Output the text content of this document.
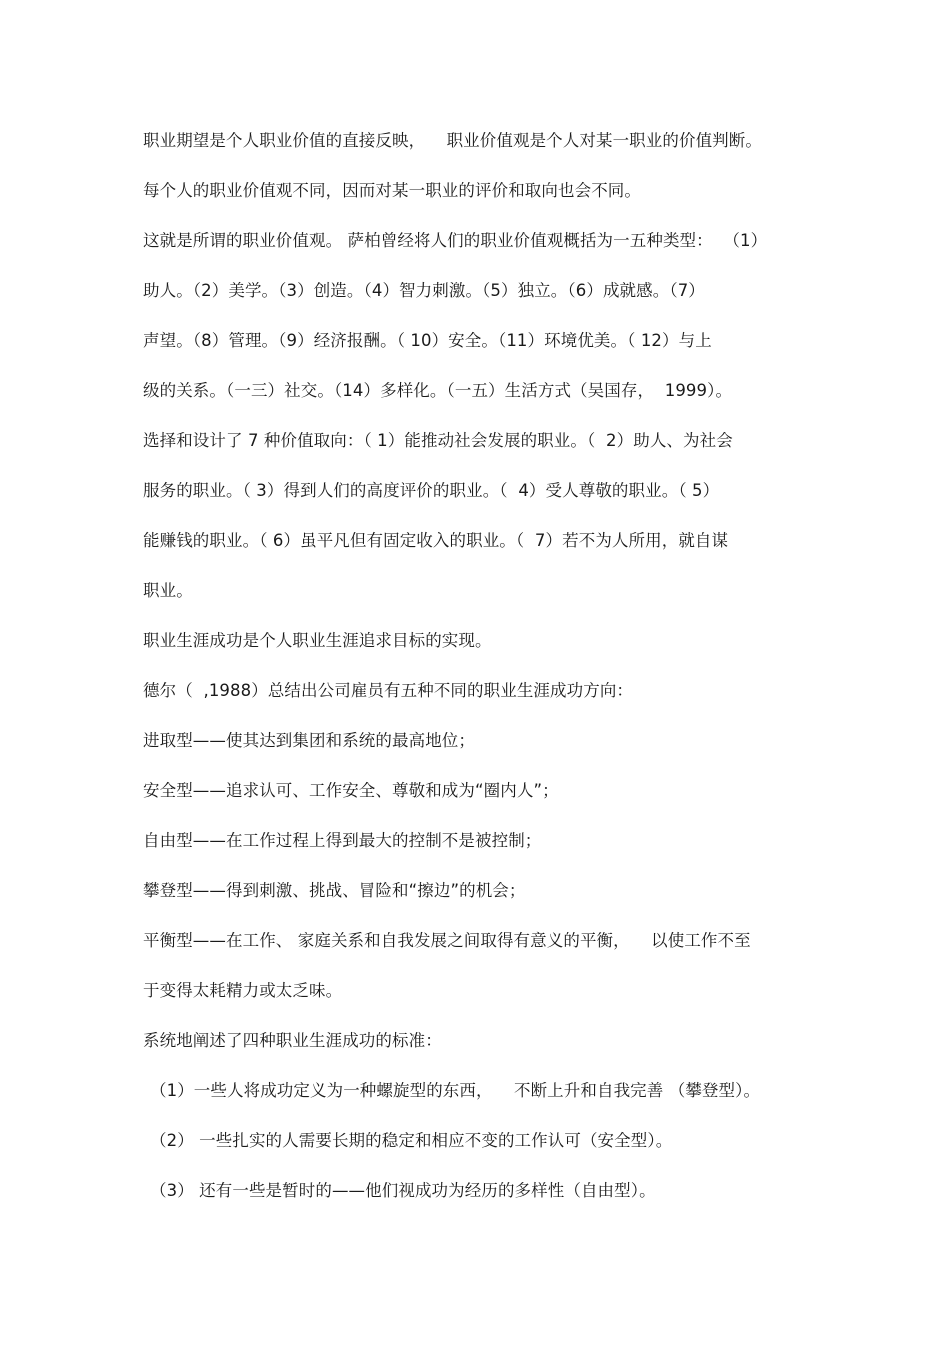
职业期望是个人职业价值的直接反映，    职业价值观是个人对某一职业的价值判断。
每个人的职业价值观不同，因而对某一职业的评价和取向也会不同。
这就是所谓的职业价值观。 萨柏曾经将人们的职业价值观概括为一五种类型：  （1）
助人。（2）美学。（3）创造。（4）智力刺激。（5）独立。（6）成就感。（7）
声望。（8）管理。（9）经济报酬。（ 10）安全。（11）环境优美。（ 12）与上
级的关系。（一三）社交。（14）多样化。（一五）生活方式（吴国存，  1999）。
选择和设计了 7 种价值取向：（ 1）能推动社会发展的职业。（  2）助人、为社会
服务的职业。（ 3）得到人们的高度评价的职业。（  4）受人尊敬的职业。（ 5）
能赚钱的职业。（ 6）虽平凡但有固定收入的职业。（  7）若不为人所用，就自谋
职业。
职业生涯成功是个人职业生涯追求目标的实现。
德尔（  ,1988）总结出公司雇员有五种不同的职业生涯成功方向：
进取型——使其达到集团和系统的最高地位；
安全型——追求认可、工作安全、尊敬和成为“圈内人”；
自由型——在工作过程上得到最大的控制不是被控制；
攀登型——得到刺激、挑战、冒险和“擦边”的机会；
平衡型——在工作、 家庭关系和自我发展之间取得有意义的平衡，    以使工作不至
于变得太耗精力或太乏味。
系统地阐述了四种职业生涯成功的标准：
（1）一些人将成功定义为一种螺旋型的东西，    不断上升和自我完善 （攀登型）。
（2） 一些扎实的人需要长期的稳定和相应不变的工作认可（安全型）。
（3） 还有一些是暂时的——他们视成功为经历的多样性（自由型）。
